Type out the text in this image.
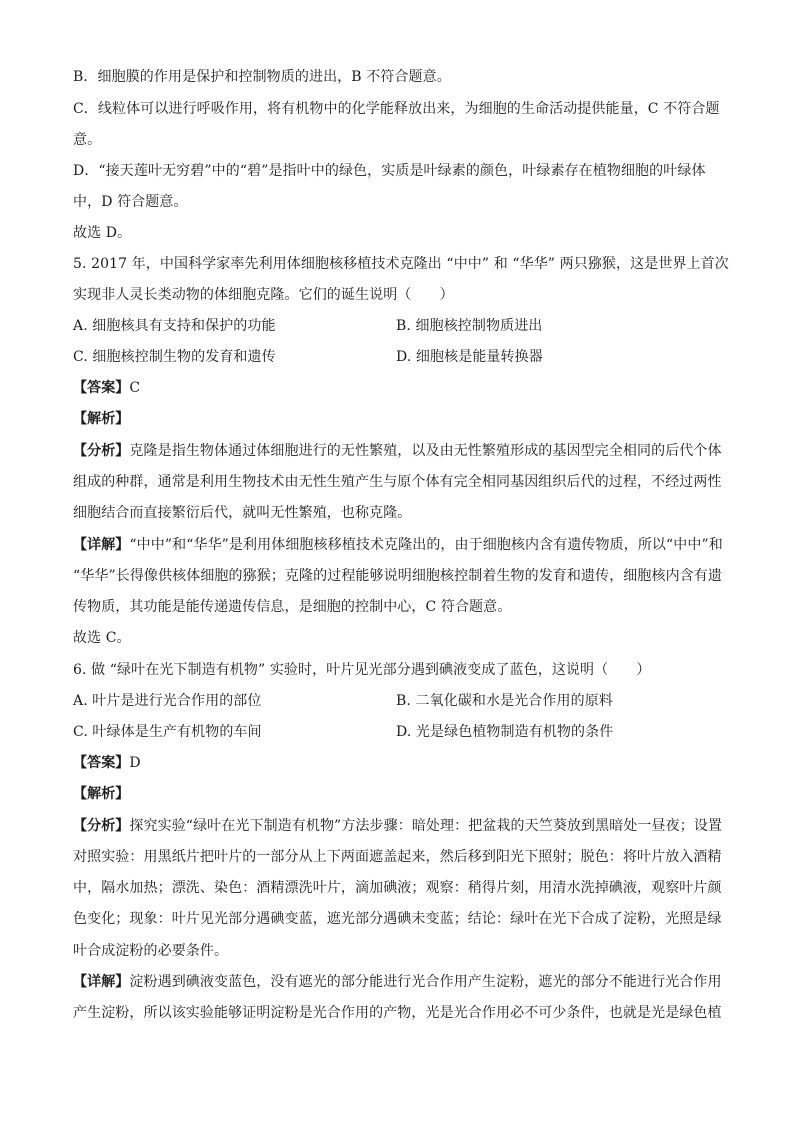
B．细胞膜的作用是保护和控制物质的进出，B 不符合题意。
C．线粒体可以进行呼吸作用，将有机物中的化学能释放出来，为细胞的生命活动提供能量，C 不符合题
意。
D．“接天莲叶无穷碧”中的“碧”是指叶中的绿色，实质是叶绿素的颜色，叶绿素存在植物细胞的叶绿体
中，D 符合题意。
故选 D。
5. 2017 年，中国科学家率先利用体细胞核移植技术克隆出 “中中” 和 “华华” 两只猕猴，这是世界上首次
实现非人灵长类动物的体细胞克隆。它们的诞生说明（　　）
A. 细胞核具有支持和保护的功能	B. 细胞核控制物质进出
C. 细胞核控制生物的发育和遗传	D. 细胞核是能量转换器
【答案】C
【解析】
【分析】克隆是指生物体通过体细胞进行的无性繁殖，以及由无性繁殖形成的基因型完全相同的后代个体
组成的种群，通常是利用生物技术由无性生殖产生与原个体有完全相同基因组织后代的过程，不经过两性
细胞结合而直接繁衍后代，就叫无性繁殖，也称克隆。
【详解】“中中”和“华华”是利用体细胞核移植技术克隆出的，由于细胞核内含有遗传物质，所以“中中”和
“华华”长得像供核体细胞的猕猴；克隆的过程能够说明细胞核控制着生物的发育和遗传，细胞核内含有遗
传物质，其功能是能传递遗传信息，是细胞的控制中心，C 符合题意。
故选 C。
6. 做 “绿叶在光下制造有机物” 实验时，叶片见光部分遇到碘液变成了蓝色，这说明（　　）
A. 叶片是进行光合作用的部位	B. 二氧化碳和水是光合作用的原料
C. 叶绿体是生产有机物的车间	D. 光是绿色植物制造有机物的条件
【答案】D
【解析】
【分析】探究实验“绿叶在光下制造有机物”方法步骤：暗处理：把盆栽的天竺葵放到黑暗处一昼夜；设置
对照实验：用黑纸片把叶片的一部分从上下两面遮盖起来，然后移到阳光下照射；脱色：将叶片放入酒精
中，隔水加热；漂洗、染色：酒精漂洗叶片，滴加碘液；观察：稍得片刻，用清水洗掉碘液，观察叶片颜
色变化；现象：叶片见光部分遇碘变蓝，遮光部分遇碘未变蓝；结论：绿叶在光下合成了淀粉，光照是绿
叶合成淀粉的必要条件。
【详解】淀粉遇到碘液变蓝色，没有遮光的部分能进行光合作用产生淀粉，遮光的部分不能进行光合作用
产生淀粉，所以该实验能够证明淀粉是光合作用的产物，光是光合作用必不可少条件，也就是光是绿色植
